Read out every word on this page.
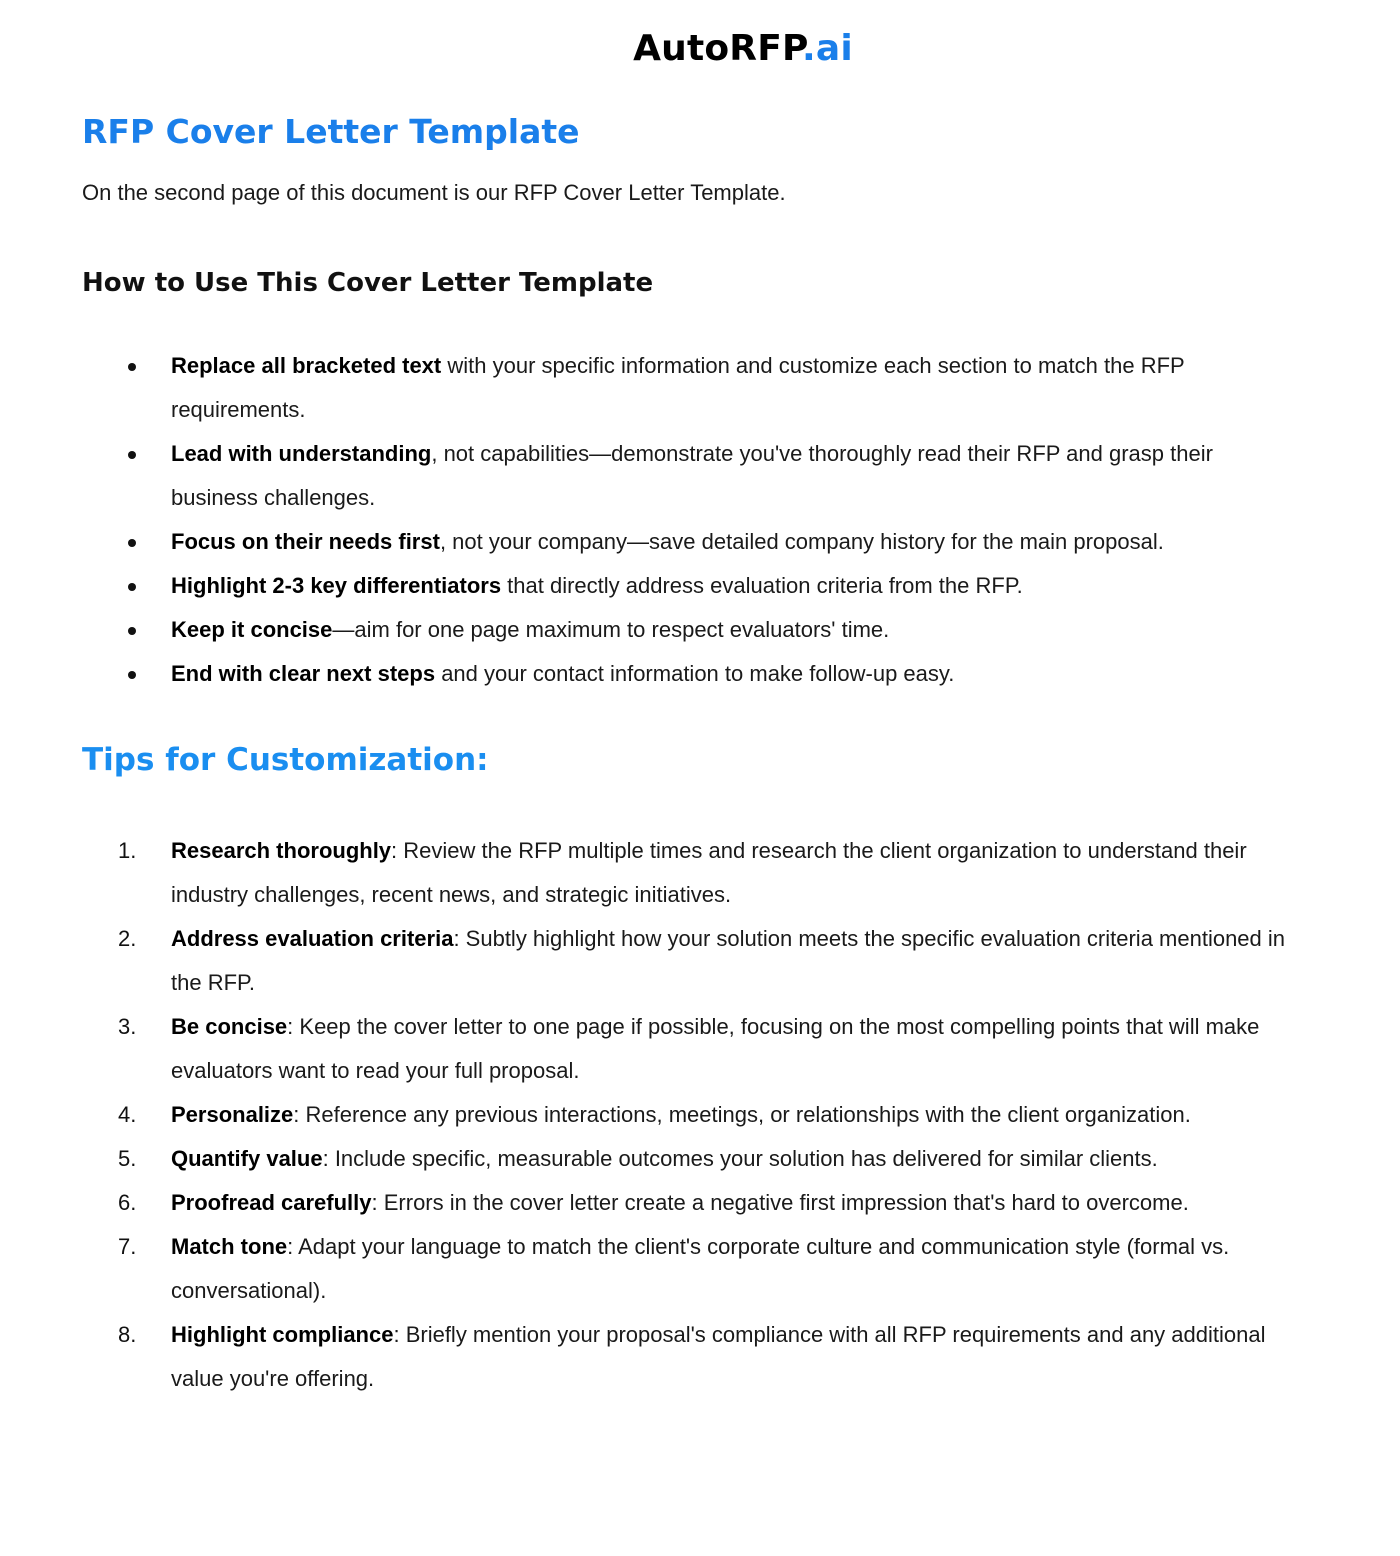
AutoRFP.ai
RFP Cover Letter Template

On the second page of this document is our RFP Cover Letter Template.

How to Use This Cover Letter Template
Replace all bracketed text with your specific information and customize each section to match the RFP requirements.
Lead with understanding, not capabilities—demonstrate you've thoroughly read their RFP and grasp their business challenges.
Focus on their needs first, not your company—save detailed company history for the main proposal.
Highlight 2-3 key differentiators that directly address evaluation criteria from the RFP.
Keep it concise—aim for one page maximum to respect evaluators' time.
End with clear next steps and your contact information to make follow-up easy.
Tips for Customization:
1.	Research thoroughly: Review the RFP multiple times and research the client organization to understand their industry challenges, recent news, and strategic initiatives.
2.	Address evaluation criteria: Subtly highlight how your solution meets the specific evaluation criteria mentioned in the RFP.
3.	Be concise: Keep the cover letter to one page if possible, focusing on the most compelling points that will make evaluators want to read your full proposal.
4.	Personalize: Reference any previous interactions, meetings, or relationships with the client organization.
5.	Quantify value: Include specific, measurable outcomes your solution has delivered for similar clients.
6.	Proofread carefully: Errors in the cover letter create a negative first impression that's hard to overcome.
7.	Match tone: Adapt your language to match the client's corporate culture and communication style (formal vs. conversational).
8.	Highlight compliance: Briefly mention your proposal's compliance with all RFP requirements and any additional value you're offering.
